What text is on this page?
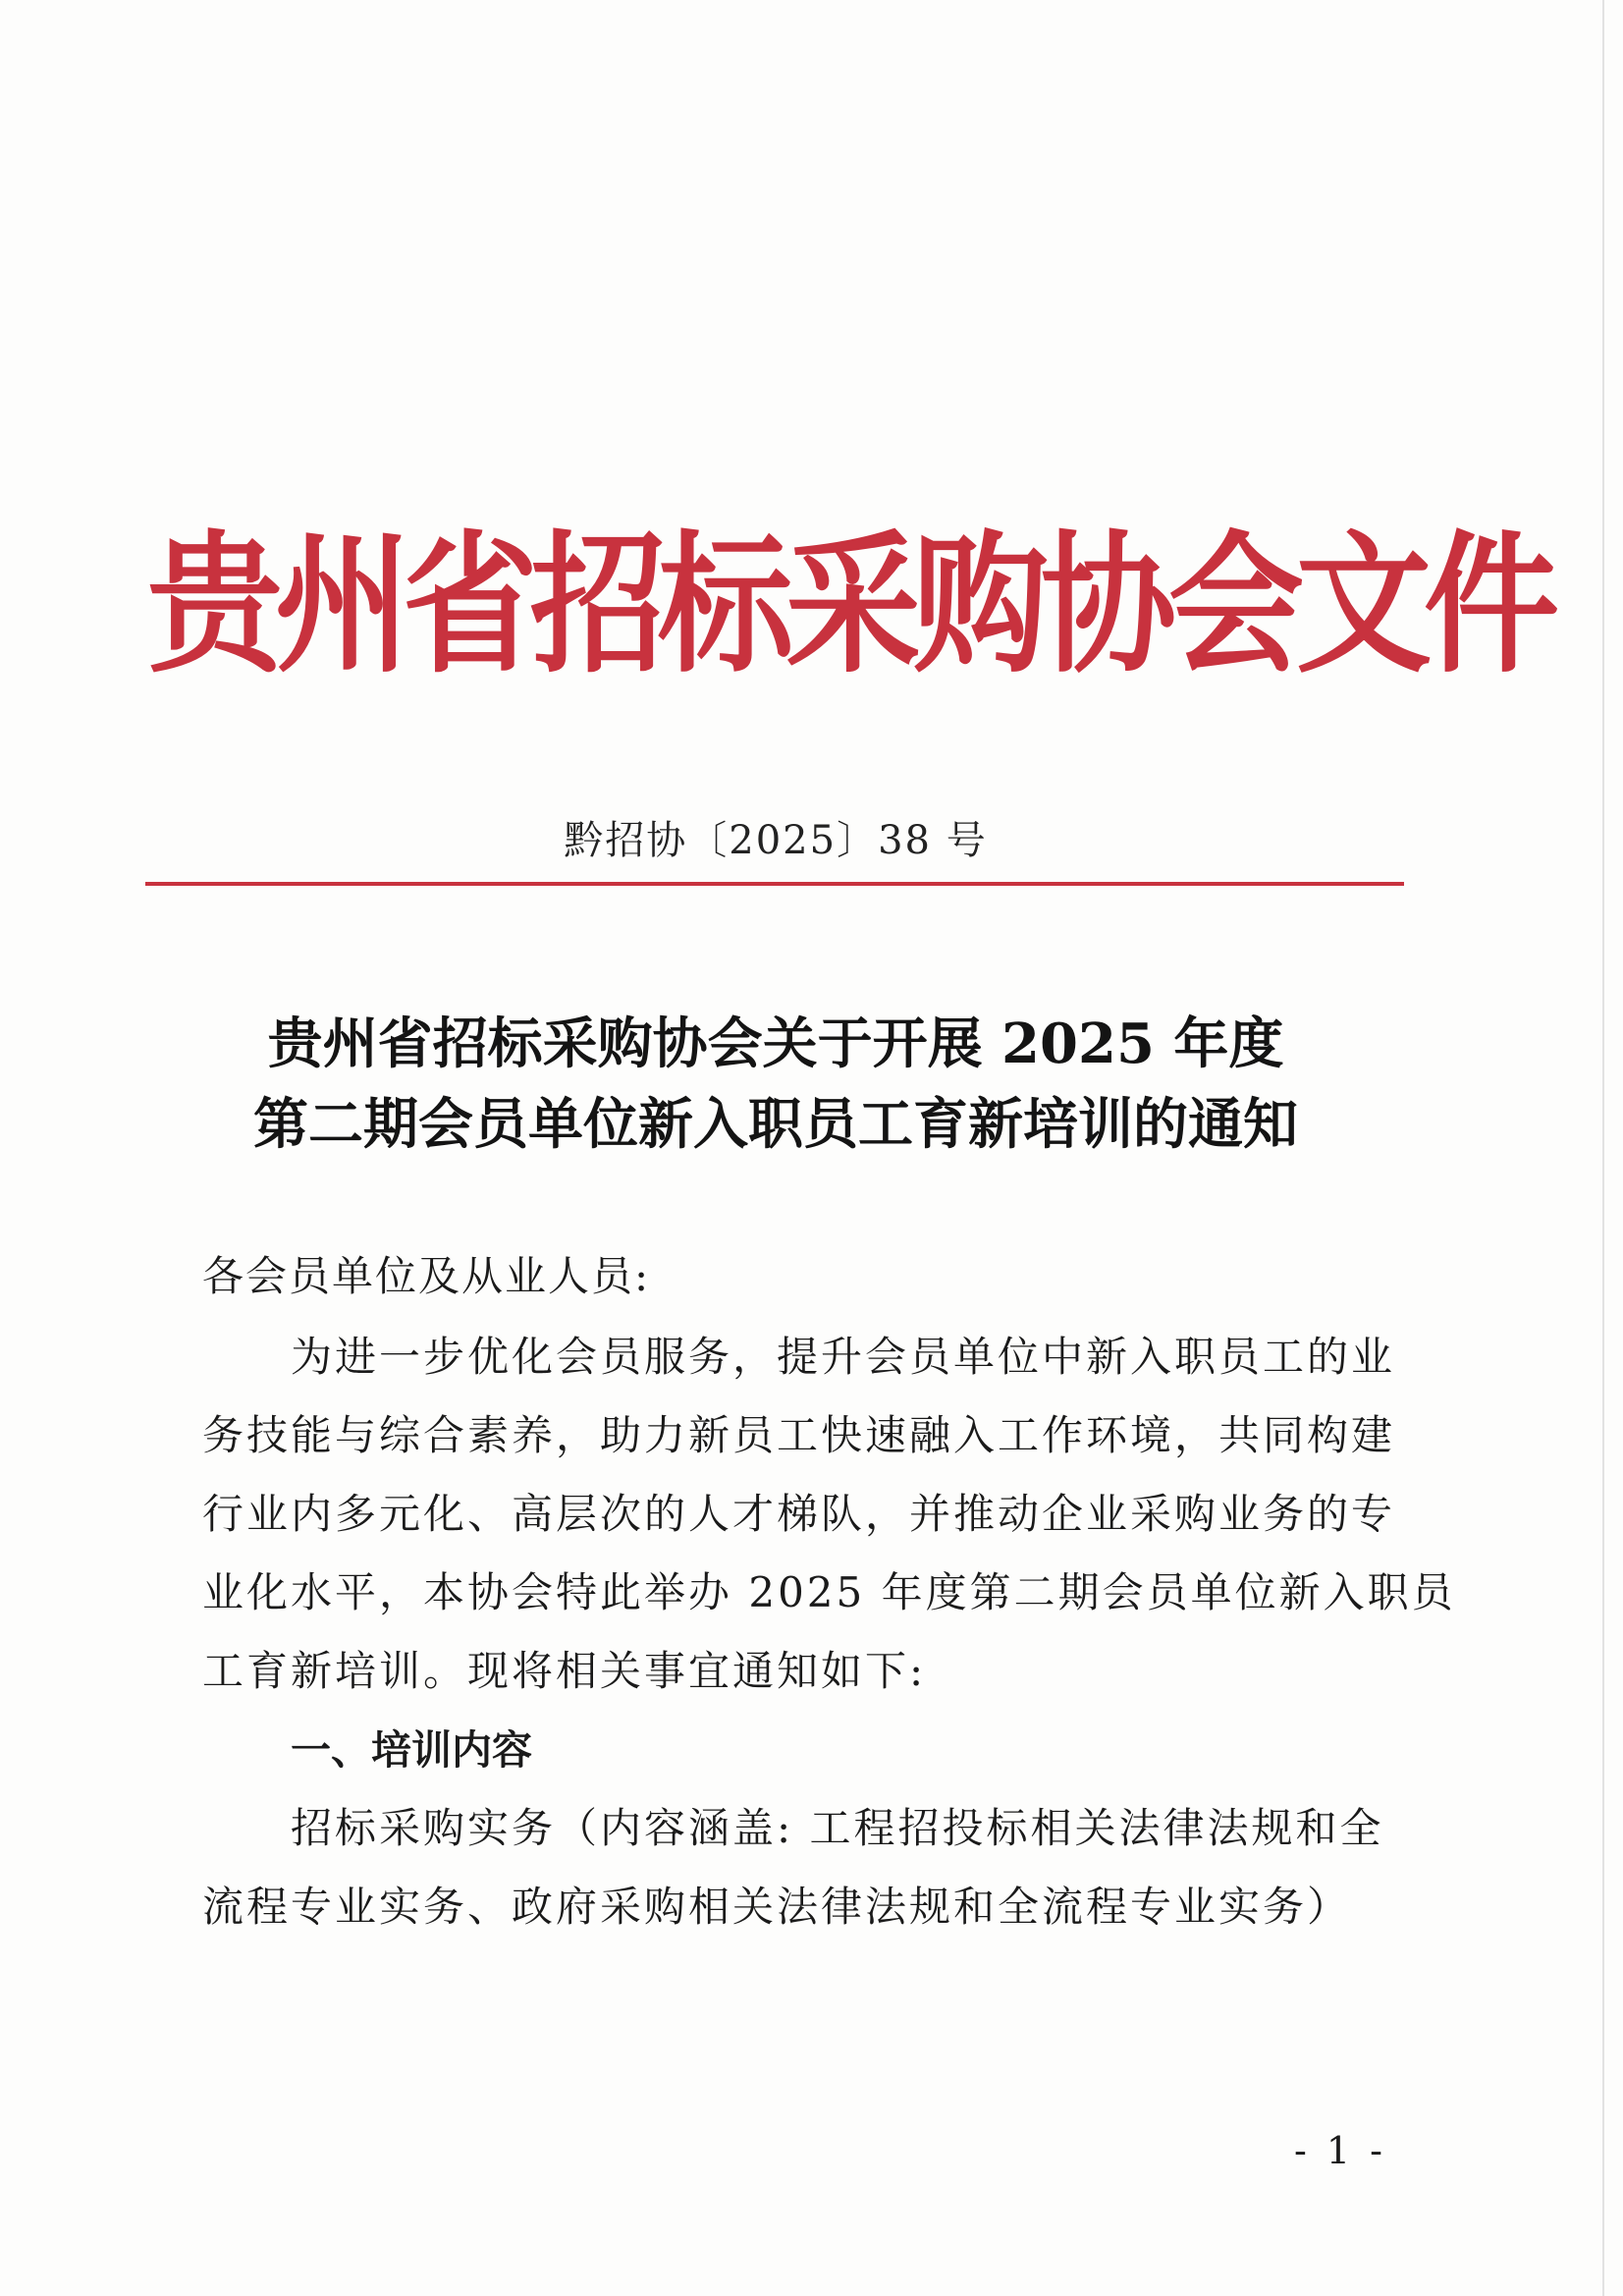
贵州省招标采购协会文件
黔招协〔2025〕38 号
贵州省招标采购协会关于开展 2025 年度
第二期会员单位新入职员工育新培训的通知
各会员单位及从业人员:
　　为进一步优化会员服务，提升会员单位中新入职员工的业
务技能与综合素养，助力新员工快速融入工作环境，共同构建
行业内多元化、高层次的人才梯队，并推动企业采购业务的专
业化水平，本协会特此举办 2025 年度第二期会员单位新入职员
工育新培训。现将相关事宜通知如下:
一、培训内容
　　招标采购实务（内容涵盖: 工程招投标相关法律法规和全
流程专业实务、政府采购相关法律法规和全流程专业实务）
- 1 -
